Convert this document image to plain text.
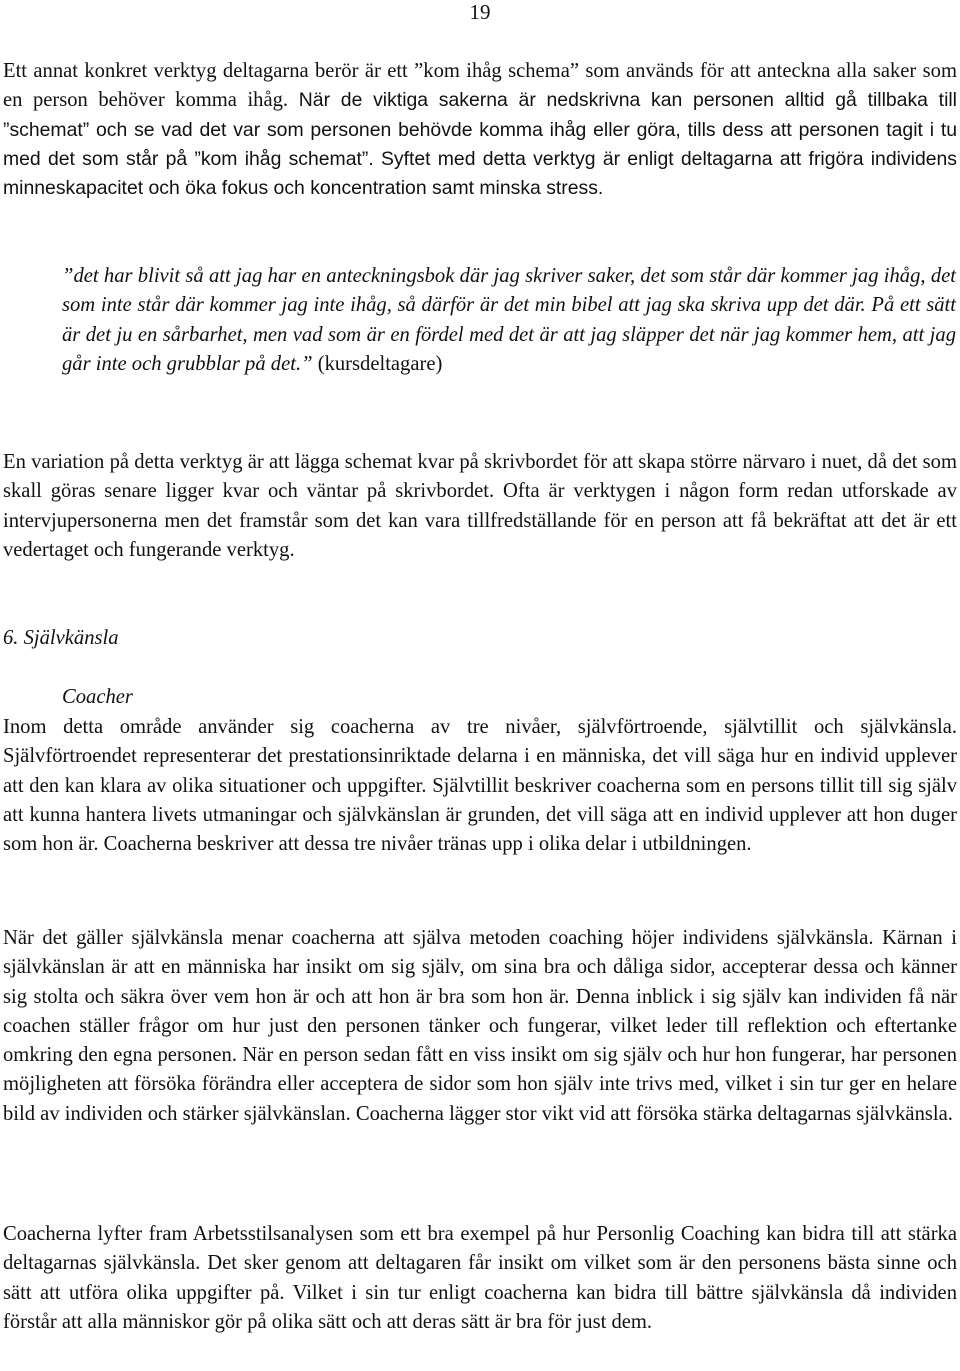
19

Ett annat konkret verktyg deltagarna berör är ett ”kom ihåg schema” som används för att anteckna alla saker som en person behöver komma ihåg. När de viktiga sakerna är nedskrivna kan personen alltid gå tillbaka till ”schemat” och se vad det var som personen behövde komma ihåg eller göra, tills dess att personen tagit i tu med det som står på ”kom ihåg schemat”. Syftet med detta verktyg är enligt deltagarna att frigöra individens minneskapacitet och öka fokus och koncentration samt minska stress.

”det har blivit så att jag har en anteckningsbok där jag skriver saker, det som står där kommer jag ihåg, det som inte står där kommer jag inte ihåg, så därför är det min bibel att jag ska skriva upp det där. På ett sätt är det ju en sårbarhet, men vad som är en fördel med det är att jag släpper det när jag kommer hem, att jag går inte och grubblar på det.” (kursdeltagare)

En variation på detta verktyg är att lägga schemat kvar på skrivbordet för att skapa större närvaro i nuet, då det som skall göras senare ligger kvar och väntar på skrivbordet. Ofta är verktygen i någon form redan utforskade av intervjupersonerna men det framstår som det kan vara tillfredställande för en person att få bekräftat att det är ett vedertaget och fungerande verktyg.

6. Självkänsla

Coacher

Inom detta område använder sig coacherna av tre nivåer, självförtroende, självtillit och självkänsla. Självförtroendet representerar det prestationsinriktade delarna i en människa, det vill säga hur en individ upplever att den kan klara av olika situationer och uppgifter. Självtillit beskriver coacherna som en persons tillit till sig själv att kunna hantera livets utmaningar och självkänslan är grunden, det vill säga att en individ upplever att hon duger som hon är. Coacherna beskriver att dessa tre nivåer tränas upp i olika delar i utbildningen.

När det gäller självkänsla menar coacherna att själva metoden coaching höjer individens självkänsla. Kärnan i självkänslan är att en människa har insikt om sig själv, om sina bra och dåliga sidor, accepterar dessa och känner sig stolta och säkra över vem hon är och att hon är bra som hon är. Denna inblick i sig själv kan individen få när coachen ställer frågor om hur just den personen tänker och fungerar, vilket leder till reflektion och eftertanke omkring den egna personen. När en person sedan fått en viss insikt om sig själv och hur hon fungerar, har personen möjligheten att försöka förändra eller acceptera de sidor som hon själv inte trivs med, vilket i sin tur ger en helare bild av individen och stärker självkänslan. Coacherna lägger stor vikt vid att försöka stärka deltagarnas självkänsla.

Coacherna lyfter fram Arbetsstilsanalysen som ett bra exempel på hur Personlig Coaching kan bidra till att stärka deltagarnas självkänsla. Det sker genom att deltagaren får insikt om vilket som är den personens bästa sinne och sätt att utföra olika uppgifter på. Vilket i sin tur enligt coacherna kan bidra till bättre självkänsla då individen förstår att alla människor gör på olika sätt och att deras sätt är bra för just dem.
